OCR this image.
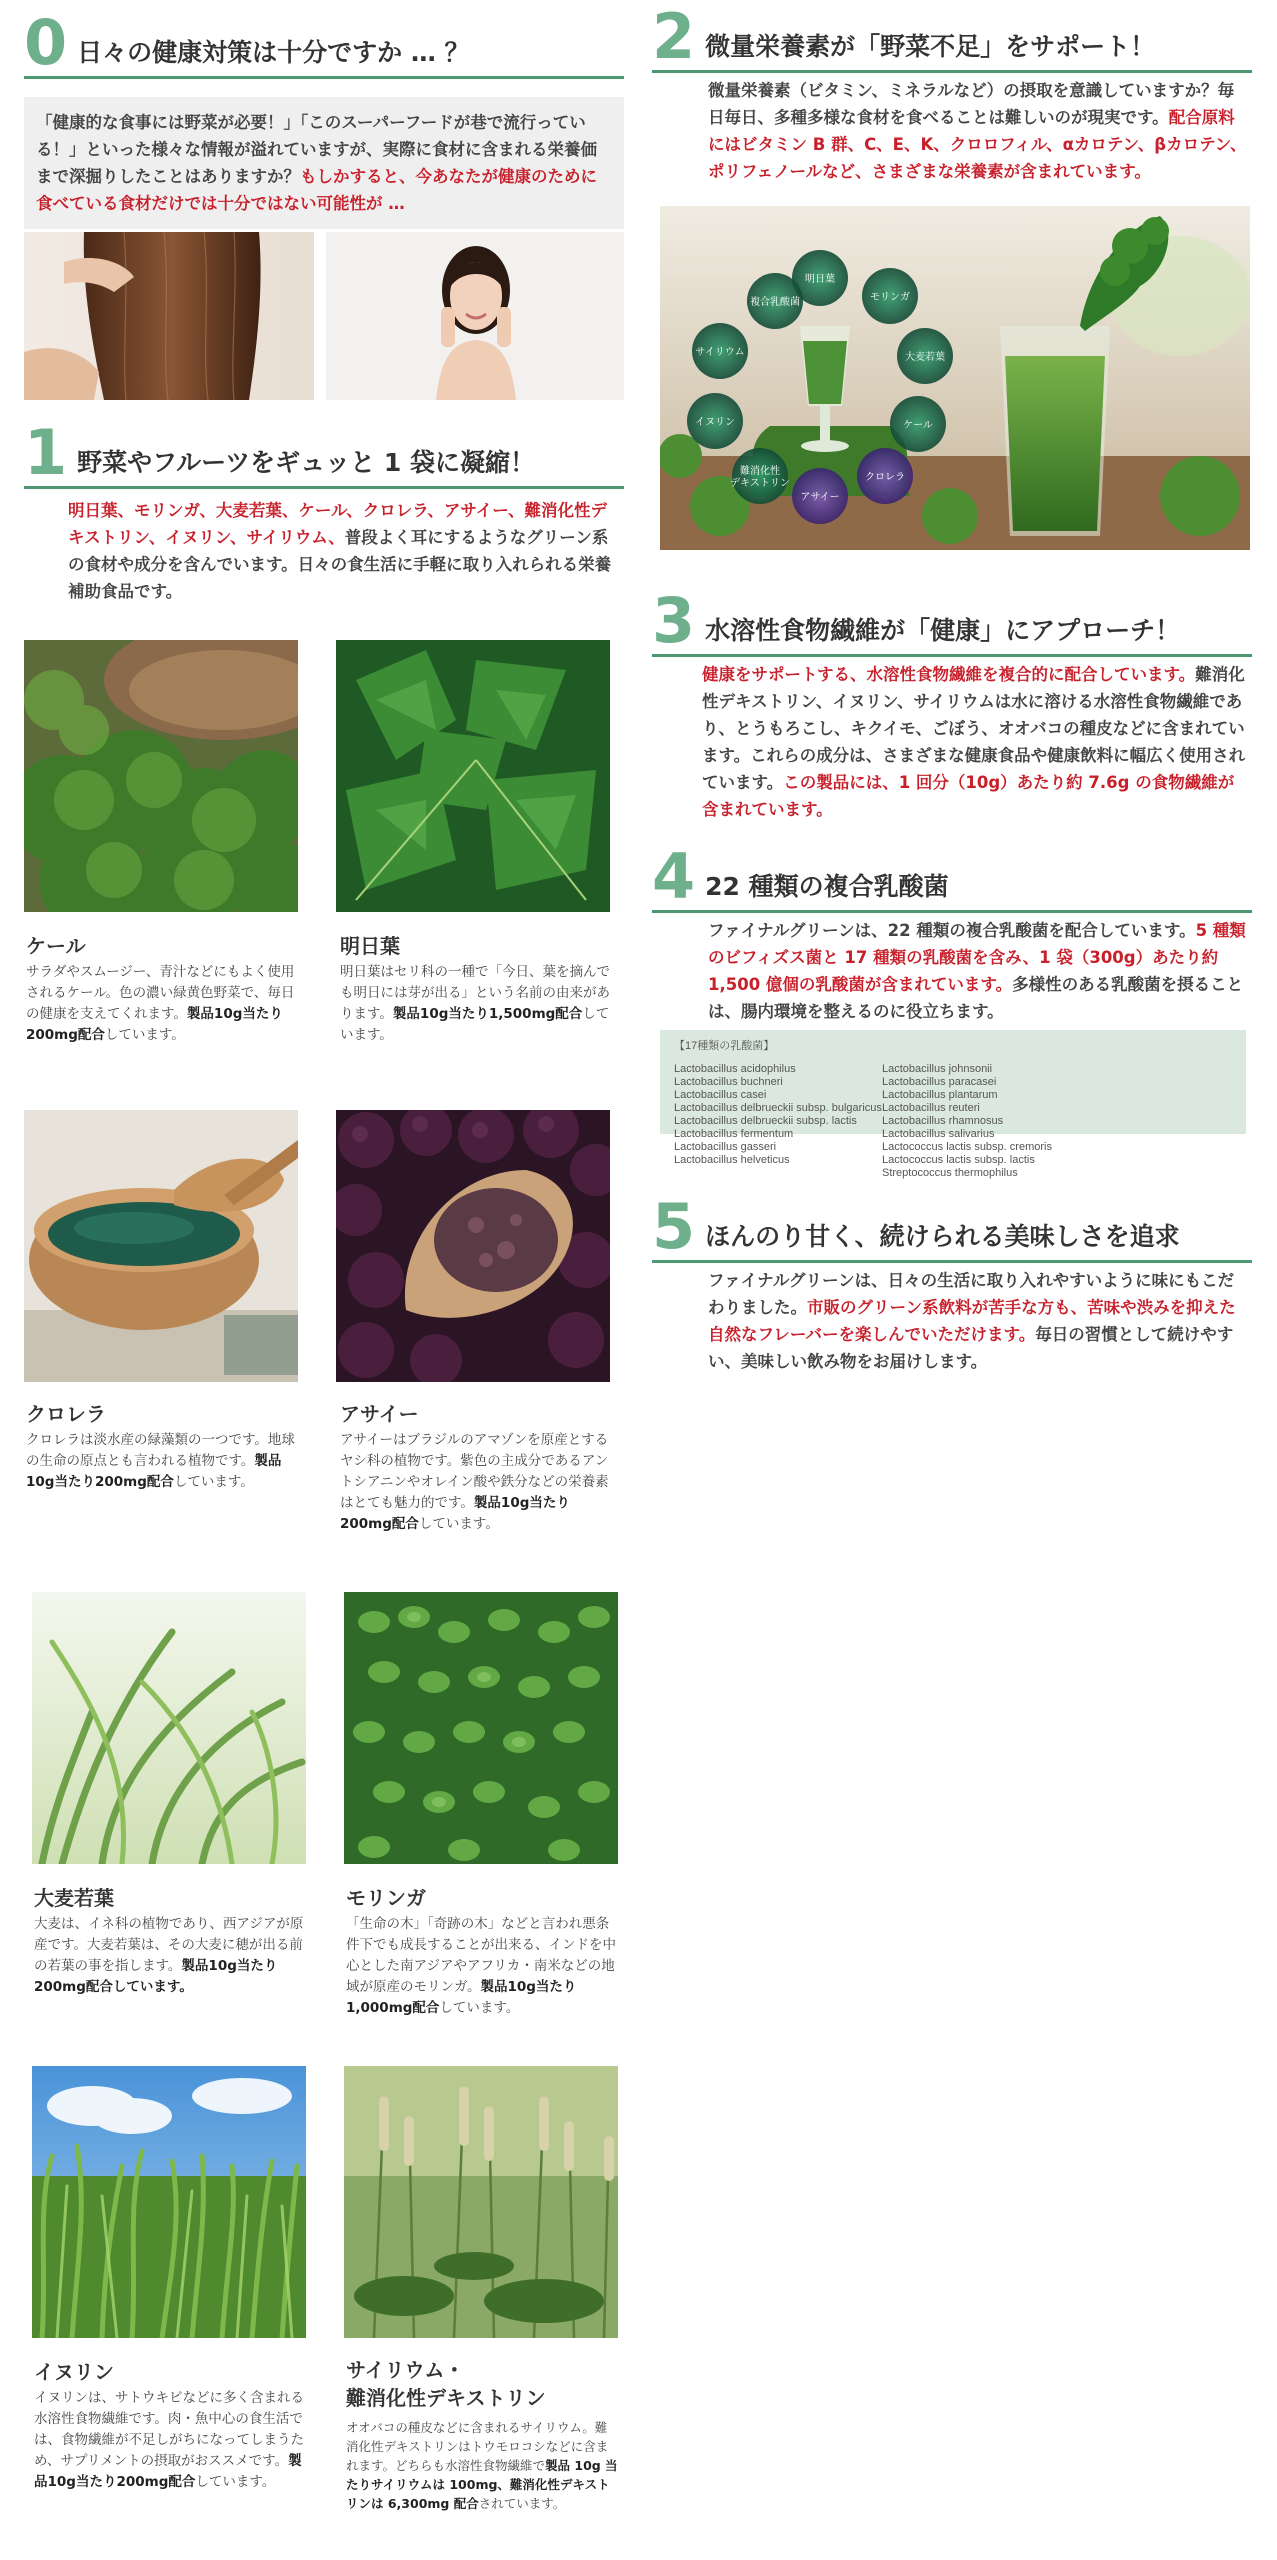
0 日々の健康対策は十分ですか … ？
「健康的な食事には野菜が必要！」「このスーパーフードが巷で流行っている！」といった様々な情報が溢れていますが、実際に食材に含まれる栄養価まで深掘りしたことはありますか？もしかすると、今あなたが健康のために食べている食材だけでは十分ではない可能性が …
1 野菜やフルーツをギュッと 1 袋に凝縮！
明日葉、モリンガ、大麦若葉、ケール、クロレラ、アサイー、難消化性デキストリン、イヌリン、サイリウム、普段よく耳にするようなグリーン系の食材や成分を含んでいます。日々の食生活に手軽に取り入れられる栄養補助食品です。
ケール
サラダやスムージー、青汁などにもよく使用されるケール。色の濃い緑黄色野菜で、毎日の健康を支えてくれます。製品10g当たり200mg配合しています。
明日葉
明日葉はセリ科の一種で「今日、葉を摘んでも明日には芽が出る」という名前の由来があります。製品10g当たり1,500mg配合しています。
クロレラ
クロレラは淡水産の緑藻類の一つです。地球の生命の原点とも言われる植物です。製品10g当たり200mg配合しています。
アサイー
アサイーはブラジルのアマゾンを原産とするヤシ科の植物です。紫色の主成分であるアントシアニンやオレイン酸や鉄分などの栄養素はとても魅力的です。製品10g当たり200mg配合しています。
大麦若葉
大麦は、イネ科の植物であり、西アジアが原産です。大麦若葉は、その大麦に穂が出る前の若葉の事を指します。製品10g当たり200mg配合しています。
モリンガ
「生命の木」「奇跡の木」などと言われ悪条件下でも成長することが出来る、インドを中心とした南アジアやアフリカ・南米などの地域が原産のモリンガ。製品10g当たり1,000mg配合しています。
イヌリン
イヌリンは、サトウキビなどに多く含まれる水溶性食物繊維です。肉・魚中心の食生活では、食物繊維が不足しがちになってしまうため、サプリメントの摂取がおススメです。製品10g当たり200mg配合しています。
サイリウム・
難消化性デキストリン
オオバコの種皮などに含まれるサイリウム。難消化性デキストリンはトウモロコシなどに含まれます。どちらも水溶性食物繊維で製品 10g 当たりサイリウムは 100mg、難消化性デキストリンは 6,300mg 配合されています。
2 微量栄養素が「野菜不足」をサポート！
微量栄養素（ビタミン、ミネラルなど）の摂取を意識していますか？毎日毎日、多種多様な食材を食べることは難しいのが現実です。配合原料にはビタミン B 群、C、E、K、クロロフィル、αカロテン、βカロテン、ポリフェノールなど、さまざまな栄養素が含まれています。
明日葉
モリンガ
複合乳酸菌
サイリウム	大麦若葉
イヌリン	ケール
難消化性
デキストリン
アサイー
クロレラ
3 水溶性食物繊維が「健康」にアプローチ！
健康をサポートする、水溶性食物繊維を複合的に配合しています。難消化性デキストリン、イヌリン、サイリウムは水に溶ける水溶性食物繊維であり、とうもろこし、キクイモ、ごぼう、オオバコの種皮などに含まれています。これらの成分は、さまざまな健康食品や健康飲料に幅広く使用されています。この製品には、1 回分（10g）あたり約 7.6g の食物繊維が含まれています。
4 22 種類の複合乳酸菌
ファイナルグリーンは、22 種類の複合乳酸菌を配合しています。5 種類のビフィズス菌と 17 種類の乳酸菌を含み、1 袋（300g）あたり約 1,500 億個の乳酸菌が含まれています。多様性のある乳酸菌を摂ることは、腸内環境を整えるのに役立ちます。
【17種類の乳酸菌】
Lactobacillus acidophilus
Lactobacillus buchneri
Lactobacillus casei
Lactobacillus delbrueckii subsp. bulgaricus
Lactobacillus delbrueckii subsp. lactis
Lactobacillus fermentum
Lactobacillus gasseri
Lactobacillus helveticus
Lactobacillus johnsonii
Lactobacillus paracasei
Lactobacillus plantarum
Lactobacillus reuteri
Lactobacillus rhamnosus
Lactobacillus salivarius
Lactococcus lactis subsp. cremoris
Lactococcus lactis subsp. lactis
Streptococcus thermophilus
5 ほんのり甘く、続けられる美味しさを追求
ファイナルグリーンは、日々の生活に取り入れやすいように味にもこだわりました。市販のグリーン系飲料が苦手な方も、苦味や渋みを抑えた自然なフレーバーを楽しんでいただけます。毎日の習慣として続けやすい、美味しい飲み物をお届けします。
